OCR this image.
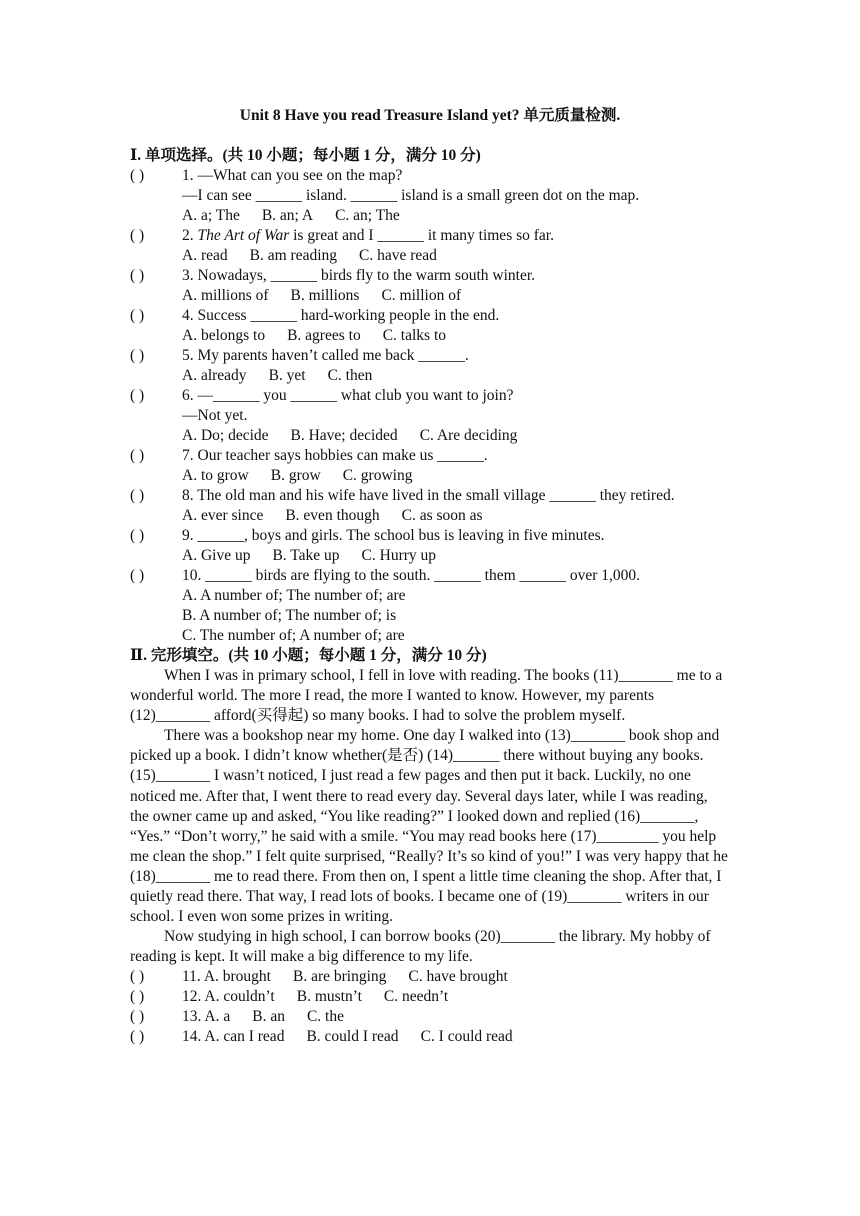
Unit 8 Have you read Treasure Island yet? 单元质量检测.
Ⅰ. 单项选择。(共 10 小题；每小题 1 分，满分 10 分)
( )	1. —What can you see on the map?
—I can see ______ island. ______ island is a small green dot on the map.
A. a; The B. an; A C. an; The
( )	2. The Art of War is great and I ______ it many times so far.
A. read B. am reading C. have read
( )	3. Nowadays, ______ birds fly to the warm south winter.
A. millions of B. millions C. million of
( )	4. Success ______ hard-working people in the end.
A. belongs to B. agrees to C. talks to
( )	5. My parents haven’t called me back ______.
A. already B. yet C. then
( )	6. —______ you ______ what club you want to join?
—Not yet.
A. Do; decide B. Have; decided C. Are deciding
( )	7. Our teacher says hobbies can make us ______.
A. to grow B. grow C. growing
( )	8. The old man and his wife have lived in the small village ______ they retired.
A. ever since B. even though C. as soon as
( )	9. ______, boys and girls. The school bus is leaving in five minutes.
A. Give up B. Take up C. Hurry up
( )	10. ______ birds are flying to the south. ______ them ______ over 1,000.
A. A number of; The number of; are
B. A number of; The number of; is
C. The number of; A number of; are
Ⅱ. 完形填空。(共 10 小题；每小题 1 分，满分 10 分)

When I was in primary school, I fell in love with reading. The books (11)_______ me to a wonderful world. The more I read, the more I wanted to know. However, my parents (12)_______ afford(买得起) so many books. I had to solve the problem myself.

There was a bookshop near my home. One day I walked into (13)_______ book shop and picked up a book. I didn’t know whether(是否) (14)______ there without buying any books. (15)_______ I wasn’t noticed, I just read a few pages and then put it back. Luckily, no one noticed me. After that, I went there to read every day. Several days later, while I was reading, the owner came up and asked, “You like reading?” I looked down and replied (16)_______, “Yes.” “Don’t worry,” he said with a smile. “You may read books here (17)________ you help me clean the shop.” I felt quite surprised, “Really? It’s so kind of you!” I was very happy that he (18)_______ me to read there. From then on, I spent a little time cleaning the shop. After that, I quietly read there. That way, I read lots of books. I became one of (19)_______ writers in our school. I even won some prizes in writing.

Now studying in high school, I can borrow books (20)_______ the library. My hobby of reading is kept. It will make a big difference to my life.

( )	11. A. brought B. are bringing C. have brought
( )	12. A. couldn’t B. mustn’t C. needn’t
( )	13. A. a B. an C. the
( )	14. A. can I read B. could I read C. I could read
